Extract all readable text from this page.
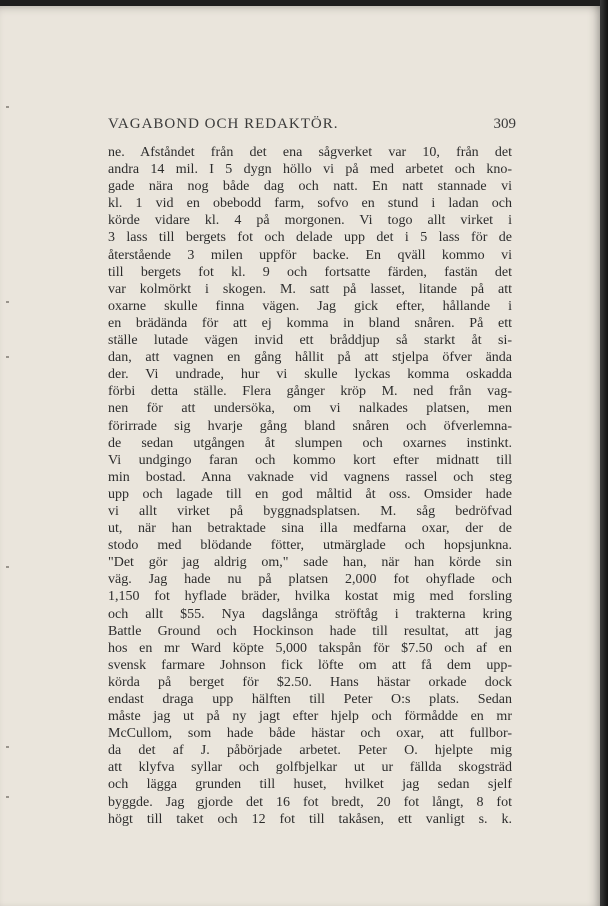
VAGABOND OCH REDAKTÖR.	309
ne. Afståndet från det ena sågverket var 10, från det
andra 14 mil. I 5 dygn höllo vi på med arbetet och kno-
gade nära nog både dag och natt. En natt stannade vi
kl. 1 vid en obebodd farm, sofvo en stund i ladan och
körde vidare kl. 4 på morgonen. Vi togo allt virket i
3 lass till bergets fot och delade upp det i 5 lass för de
återstående 3 milen uppför backe. En qväll kommo vi
till bergets fot kl. 9 och fortsatte färden, fastän det
var kolmörkt i skogen. M. satt på lasset, litande på att
oxarne skulle finna vägen. Jag gick efter, hållande i
en brädända för att ej komma in bland snåren. På ett
ställe lutade vägen invid ett bråddjup så starkt åt si-
dan, att vagnen en gång hållit på att stjelpa öfver ända
der. Vi undrade, hur vi skulle lyckas komma oskadda
förbi detta ställe. Flera gånger kröp M. ned från vag-
nen för att undersöka, om vi nalkades platsen, men
förirrade sig hvarje gång bland snåren och öfverlemna-
de sedan utgången åt slumpen och oxarnes instinkt.
Vi undgingo faran och kommo kort efter midnatt till
min bostad. Anna vaknade vid vagnens rassel och steg
upp och lagade till en god måltid åt oss. Omsider hade
vi allt virket på byggnadsplatsen. M. såg bedröfvad
ut, när han betraktade sina illa medfarna oxar, der de
stodo med blödande fötter, utmärglade och hopsjunkna.
"Det gör jag aldrig om," sade han, när han körde sin
väg. Jag hade nu på platsen 2,000 fot ohyflade och
1,150 fot hyflade bräder, hvilka kostat mig med forsling
och allt $55. Nya dagslånga ströftåg i trakterna kring
Battle Ground och Hockinson hade till resultat, att jag
hos en mr Ward köpte 5,000 takspån för $7.50 och af en
svensk farmare Johnson fick löfte om att få dem upp-
körda på berget för $2.50. Hans hästar orkade dock
endast draga upp hälften till Peter O:s plats. Sedan
måste jag ut på ny jagt efter hjelp och förmådde en mr
McCullom, som hade både hästar och oxar, att fullbor-
da det af J. påbörjade arbetet. Peter O. hjelpte mig
att klyfva syllar och golfbjelkar ut ur fällda skogsträd
och lägga grunden till huset, hvilket jag sedan sjelf
byggde. Jag gjorde det 16 fot bredt, 20 fot långt, 8 fot
högt till taket och 12 fot till takåsen, ett vanligt s. k.
